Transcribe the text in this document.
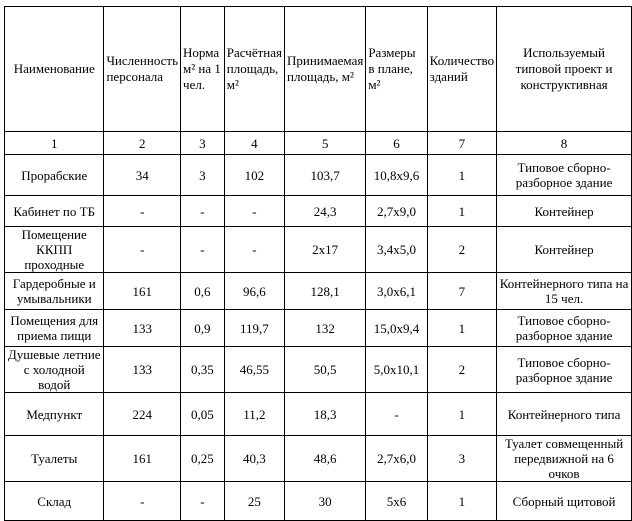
Наименование	Численность персонала	Норма м² на 1 чел.	Расчётная площадь, м²	Принимаемая площадь, м²	Размеры в плане, м²	Количество зданий	Используемый типовой проект и конструктивная
1	2	3	4	5	6	7	8
Прорабские	34	3	102	103,7	10,8x9,6	1	Типовое сборно-разборное здание
Кабинет по ТБ	-	-	-	24,3	2,7x9,0	1	Контейнер
Помещение ККПП проходные	-	-	-	2x17	3,4x5,0	2	Контейнер
Гардеробные и умывальники	161	0,6	96,6	128,1	3,0x6,1	7	Контейнерного типа на 15 чел.
Помещения для приема пищи	133	0,9	119,7	132	15,0x9,4	1	Типовое сборно-разборное здание
Душевые летние с холодной водой	133	0,35	46,55	50,5	5,0x10,1	2	Типовое сборно-разборное здание
Медпункт	224	0,05	11,2	18,3	-	1	Контейнерного типа
Туалеты	161	0,25	40,3	48,6	2,7x6,0	3	Туалет совмещенный передвижной на 6 очков
Склад	-	-	25	30	5x6	1	Сборный щитовой
